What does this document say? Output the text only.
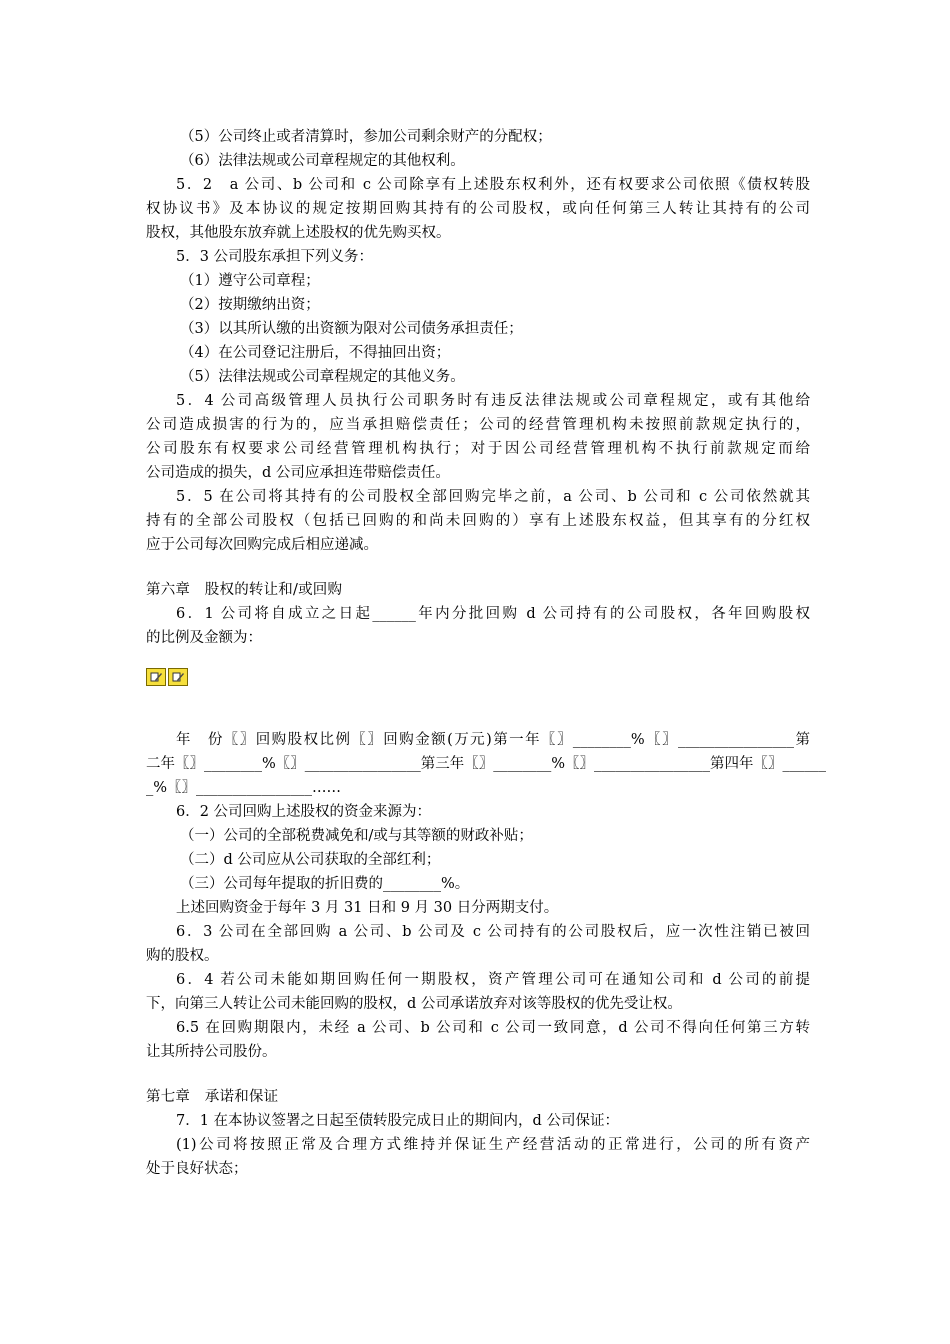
（5）公司终止或者清算时，参加公司剩余财产的分配权；
（6）法律法规或公司章程规定的其他权利。
5．2　a 公司、b 公司和 c 公司除享有上述股东权利外，还有权要求公司依照《债权转股
权协议书》及本协议的规定按期回购其持有的公司股权，或向任何第三人转让其持有的公司
股权，其他股东放弃就上述股权的优先购买权。
5．3 公司股东承担下列义务：
（1）遵守公司章程；
（2）按期缴纳出资；
（3）以其所认缴的出资额为限对公司债务承担责任；
（4）在公司登记注册后，不得抽回出资；
（5）法律法规或公司章程规定的其他义务。
5．4 公司高级管理人员执行公司职务时有违反法律法规或公司章程规定，或有其他给
公司造成损害的行为的，应当承担赔偿责任；公司的经营管理机构未按照前款规定执行的，
公司股东有权要求公司经营管理机构执行；对于因公司经营管理机构不执行前款规定而给
公司造成的损失，d 公司应承担连带赔偿责任。
5．5 在公司将其持有的公司股权全部回购完毕之前，a 公司、b 公司和 c 公司依然就其
持有的全部公司股权（包括已回购的和尚未回购的）享有上述股东权益，但其享有的分红权
应于公司每次回购完成后相应递减。
第六章　股权的转让和/或回购
6．1 公司将自成立之日起______年内分批回购 d 公司持有的公司股权，各年回购股权
的比例及金额为：
年　份〖〗回购股权比例〖〗回购金额(万元)第一年〖〗________%〖〗________________第
二年〖〗________%〖〗________________第三年〖〗________%〖〗________________第四年〖〗______
_%〖〗________________……
6．2 公司回购上述股权的资金来源为：
（一）公司的全部税费减免和/或与其等额的财政补贴；
（二）d 公司应从公司获取的全部红利；
（三）公司每年提取的折旧费的________%。
上述回购资金于每年 3 月 31 日和 9 月 30 日分两期支付。
6．3 公司在全部回购 a 公司、b 公司及 c 公司持有的公司股权后，应一次性注销已被回
购的股权。
6．4 若公司未能如期回购任何一期股权，资产管理公司可在通知公司和 d 公司的前提
下，向第三人转让公司未能回购的股权，d 公司承诺放弃对该等股权的优先受让权。
6.5 在回购期限内，未经 a 公司、b 公司和 c 公司一致同意，d 公司不得向任何第三方转
让其所持公司股份。
第七章　承诺和保证
7．1 在本协议签署之日起至债转股完成日止的期间内，d 公司保证：
(1)公司将按照正常及合理方式维持并保证生产经营活动的正常进行，公司的所有资产
处于良好状态；
